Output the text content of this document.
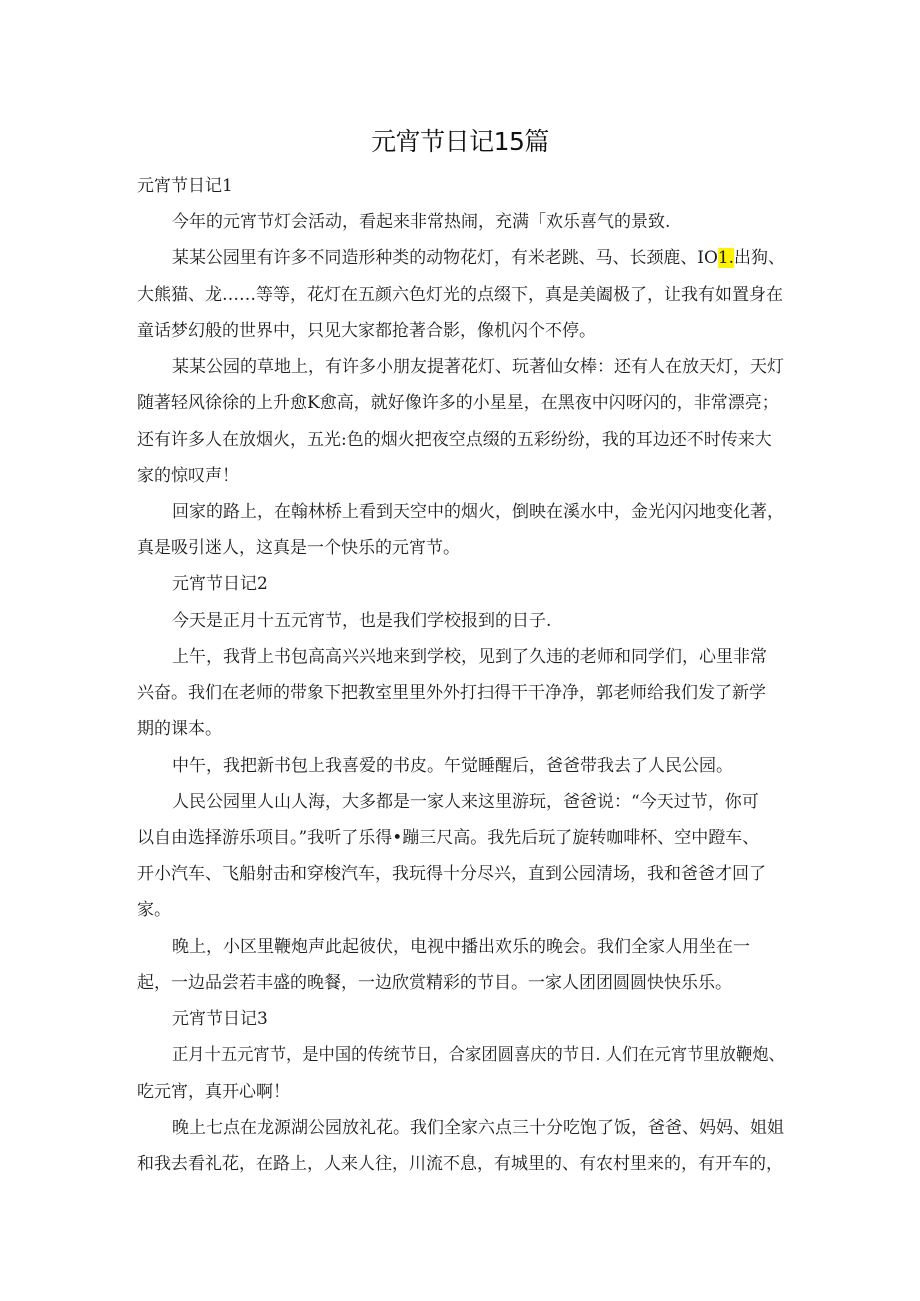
元宵节日记15篇
元宵节日记1
今年的元宵节灯会活动，看起来非常热闹，充满「欢乐喜气的景致.
某某公园里有许多不同造形种类的动物花灯，有米老跳、马、长颈鹿、IO1.出狗、
大熊猫、龙……等等，花灯在五颜六色灯光的点缀下，真是美阖极了，让我有如置身在
童话梦幻般的世界中，只见大家都抢著合影，像机闪个不停。
某某公园的草地上，有许多小朋友提著花灯、玩著仙女棒：还有人在放天灯，天灯
随著轻风徐徐的上升愈K愈高，就好像许多的小星星，在黑夜中闪呀闪的，非常漂亮；
还有许多人在放烟火，五光:色的烟火把夜空点缀的五彩纷纷，我的耳边还不时传来大
家的惊叹声！
回家的路上，在翰林桥上看到天空中的烟火，倒映在溪水中，金光闪闪地变化著，
真是吸引迷人，这真是一个快乐的元宵节。
元宵节日记2
今天是正月十五元宵节，也是我们学校报到的日子.
上午，我背上书包高高兴兴地来到学校，见到了久违的老师和同学们，心里非常
兴奋。我们在老师的带象下把教室里里外外打扫得干干净净，郭老师给我们发了新学
期的课本。
中午，我把新书包上我喜爱的书皮。午觉睡醒后，爸爸带我去了人民公园。
人民公园里人山人海，大多都是一家人来这里游玩，爸爸说：“今天过节，你可
以自由选择游乐项目。”我听了乐得•蹦三尺高。我先后玩了旋转咖啡杯、空中蹬车、
开小汽车、飞船射击和穿梭汽车，我玩得十分尽兴，直到公园清场，我和爸爸才回了
家。
晚上，小区里鞭炮声此起彼伏，电视中播出欢乐的晚会。我们全家人用坐在一
起，一边品尝若丰盛的晚餐，一边欣赏精彩的节目。一家人团团圆圆快快乐乐。
元宵节日记3
正月十五元宵节，是中国的传统节日，合家团圆喜庆的节日. 人们在元宵节里放鞭炮、
吃元宵，真开心啊！
晚上七点在龙源湖公园放礼花。我们全家六点三十分吃饱了饭，爸爸、妈妈、姐姐
和我去看礼花，在路上，人来人往，川流不息，有城里的、有农村里来的，有开车的，
